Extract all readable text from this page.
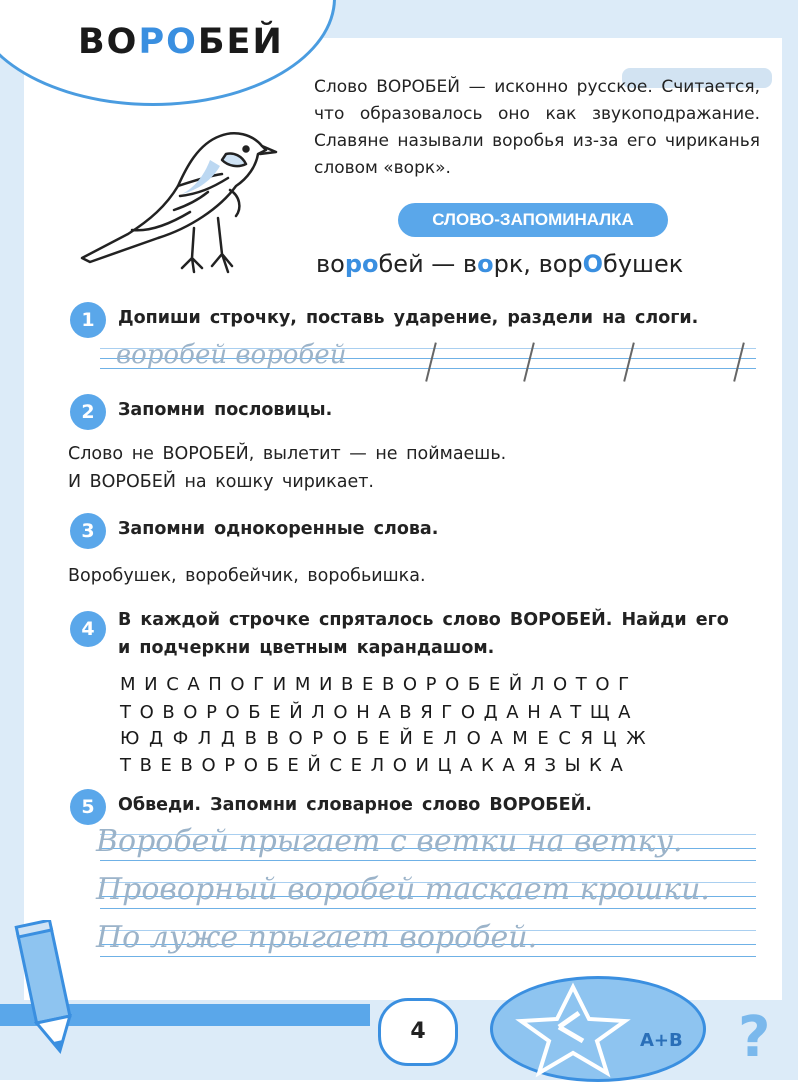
ВОРОБЕЙ

Слово ВОРОБЕЙ — исконно русское. Считается, что образовалось оно как звукоподражание. Славяне называли воробья из-за его чириканья словом «ворк».

СЛОВО-ЗАПОМИНАЛКА

воробей — ворк, ворОбушек

1	Допиши строчку, поставь ударение, раздели на слоги.

воробей воробей
2	Запомни пословицы.

Слово не ВОРОБЕЙ, вылетит — не поймаешь.

И ВОРОБЕЙ на кошку чирикает.

3	Запомни однокоренные слова.

Воробушек, воробейчик, воробьишка.

4	В каждой строчке спряталось слово ВОРОБЕЙ. Найди его

и подчеркни цветным карандашом.

МИСАПОГИМИВЕВОРОБЕЙЛОТОГ

ТОВОРОБЕЙЛОНАВЯГОДАНАТЩА

ЮДФЛДВВОРОБЕЙЕЛОАМЕСЯЦЖ

ТВЕВОРОБЕЙСЕЛОИЦАКАЯЗЫКА

5	Обведи. Запомни словарное слово ВОРОБЕЙ.

Воробей прыгает с ветки на ветку.
Проворный воробей таскает крошки.
По луже прыгает воробей.
4	A+B ?
